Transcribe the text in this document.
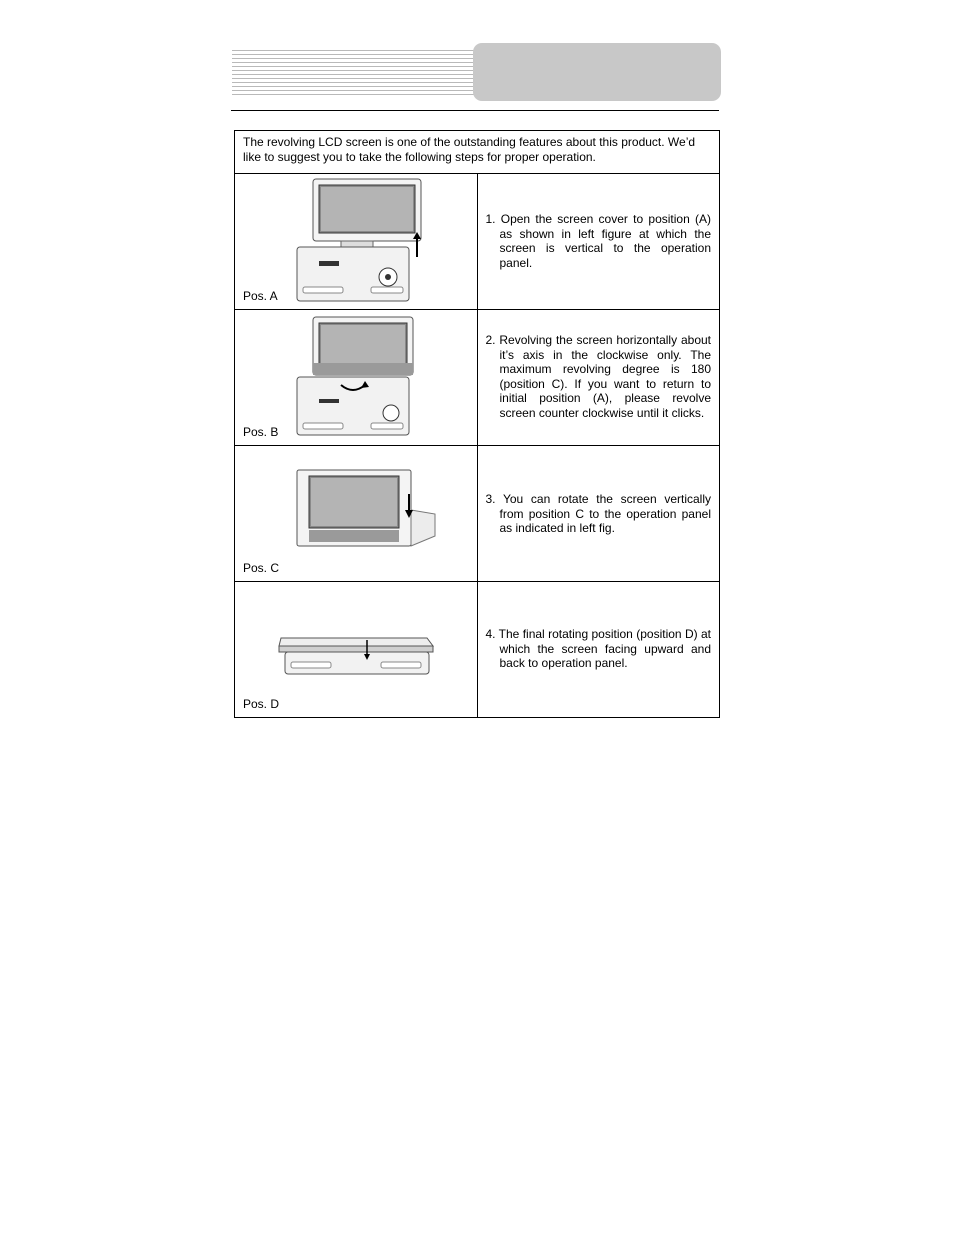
The revolving LCD screen is one of the outstanding features about this product. We’d like to suggest you to take the following steps for proper operation.	

Pos. A	1. Open the screen cover to position (A) as shown in left figure at which the screen is vertical to the operation panel.

Pos. B	2. Revolving the screen horizontally about it’s axis in the clockwise only. The maximum revolving degree is 180 (position C). If you want to return to initial position (A), please revolve screen counter clockwise until it clicks.

Pos. C	3. You can rotate the screen vertically from position C to the operation panel as indicated in left fig.

Pos. D	4. The final rotating position (position D) at which the screen facing upward and back to operation panel.
